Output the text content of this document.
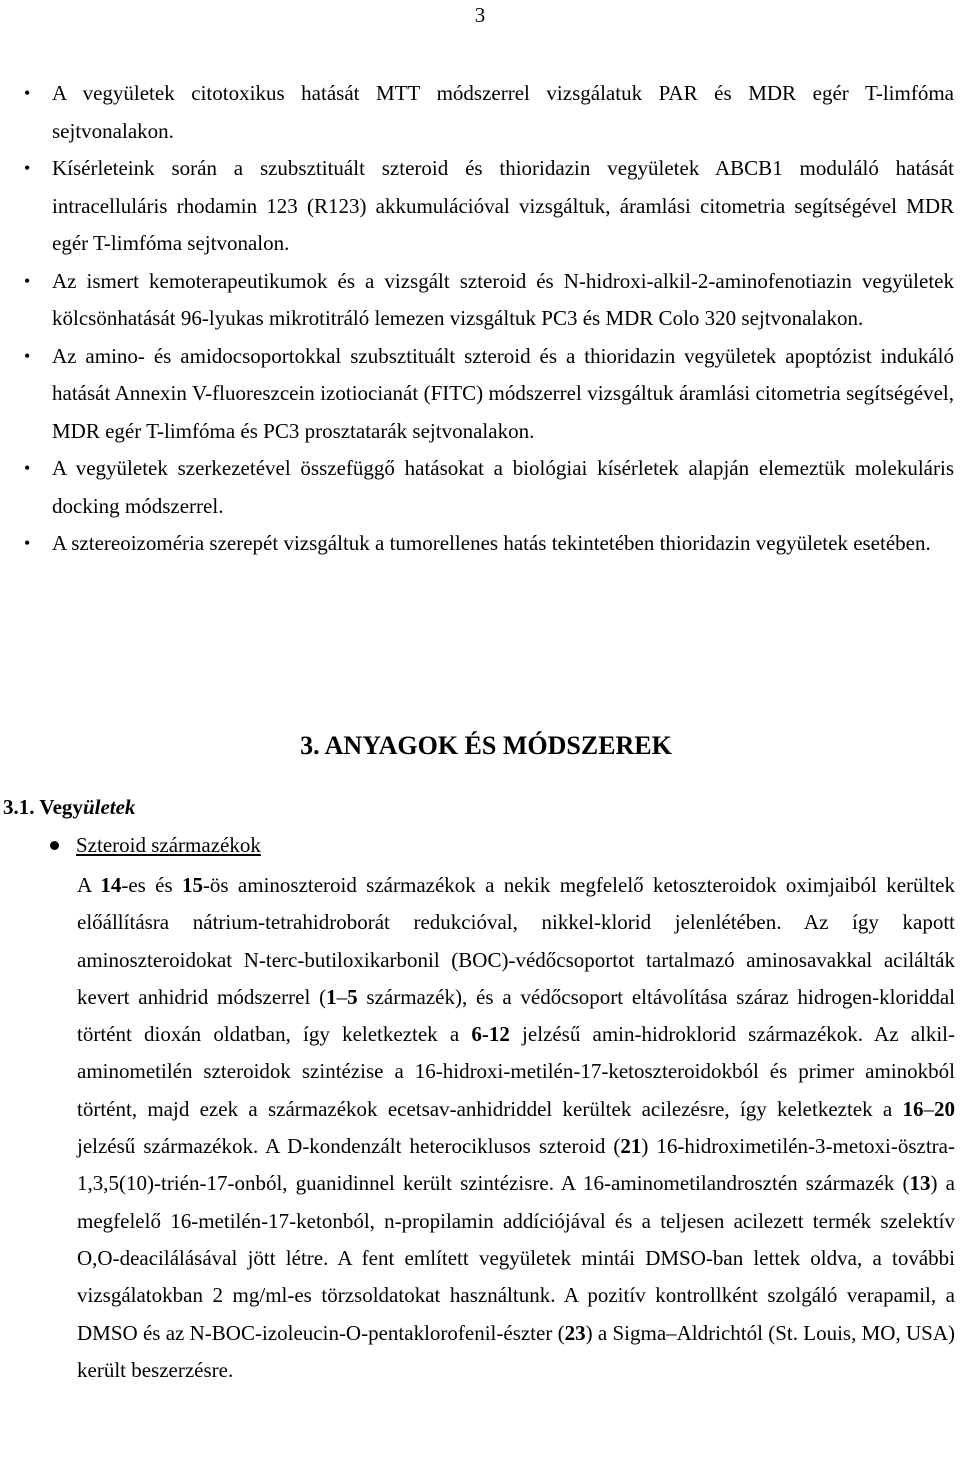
3
• A vegyületek citotoxikus hatását MTT módszerrel vizsgálatuk PAR és MDR egér T-limfóma sejtvonalakon.
• Kísérleteink során a szubsztituált szteroid és thioridazin vegyületek ABCB1 moduláló hatását intracelluláris rhodamin 123 (R123) akkumulációval vizsgáltuk, áramlási citometria segítségével MDR egér T-limfóma sejtvonalon.
• Az ismert kemoterapeutikumok és a vizsgált szteroid és N-hidroxi-alkil-2-aminofenotiazin vegyületek kölcsönhatását 96-lyukas mikrotitráló lemezen vizsgáltuk PC3 és MDR Colo 320 sejtvonalakon.
• Az amino- és amidocsoportokkal szubsztituált szteroid és a thioridazin vegyületek apoptózist indukáló hatását Annexin V-fluoreszcein izotiocianát (FITC) módszerrel vizsgáltuk áramlási citometria segítségével, MDR egér T-limfóma és PC3 prosztatarák sejtvonalakon.
• A vegyületek szerkezetével összefüggő hatásokat a biológiai kísérletek alapján elemeztük molekuláris docking módszerrel.
• A sztereoizoméria szerepét vizsgáltuk a tumorellenes hatás tekintetében thioridazin vegyületek esetében.
3. ANYAGOK ÉS MÓDSZEREK
3.1. Vegyületek
Szteroid származékok

A 14-es és 15-ös aminoszteroid származékok a nekik megfelelő ketoszteroidok oximjaiból kerültek előállításra nátrium-tetrahidroborát redukcióval, nikkel-klorid jelenlétében. Az így kapott aminoszteroidokat N-terc-butiloxikarbonil (BOC)-védőcsoportot tartalmazó aminosavakkal acilálták kevert anhidrid módszerrel (1–5 származék), és a védőcsoport eltávolítása száraz hidrogen-kloriddal történt dioxán oldatban, így keletkeztek a 6-12 jelzésű amin-hidroklorid származékok. Az alkil-aminometilén szteroidok szintézise a 16-hidroxi-metilén-17-ketoszteroidokból és primer aminokból történt, majd ezek a származékok ecetsav-anhidriddel kerültek acilezésre, így keletkeztek a 16–20 jelzésű származékok. A D-kondenzált heterociklusos szteroid (21) 16-hidroximetilén-3-metoxi-ösztra-1,3,5(10)-trién-17-onból, guanidinnel került szintézisre. A 16-aminometilandrosztén származék (13) a megfelelő 16-metilén-17-ketonból, n-propilamin addíciójával és a teljesen acilezett termék szelektív O,O-deacilálásával jött létre. A fent említett vegyületek mintái DMSO-ban lettek oldva, a további vizsgálatokban 2 mg/ml-es törzsoldatokat használtunk. A pozitív kontrollként szolgáló verapamil, a DMSO és az N-BOC-izoleucin-O-pentaklorofenil-észter (23) a Sigma–Aldrichtól (St. Louis, MO, USA) került beszerzésre.
